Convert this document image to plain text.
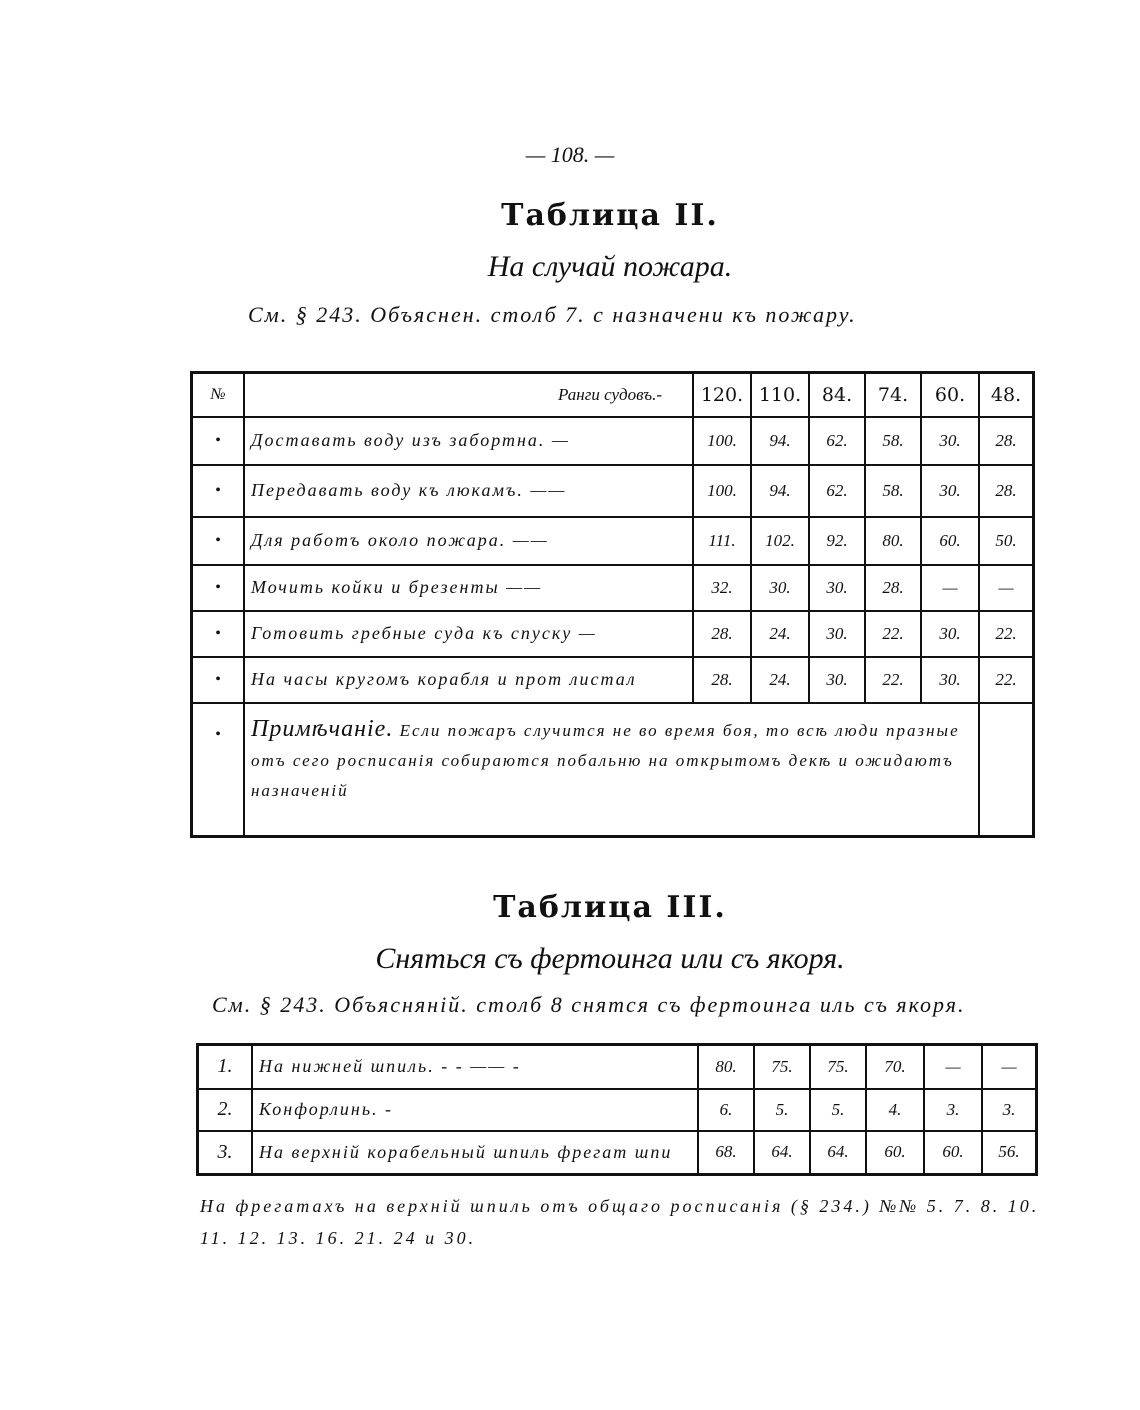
— 108. —
Таблица II.
На случай пожара.
См. § 243. Объяснен. столб 7. с назначени къ пожару.
№	Ранги судовъ.-	120.	110.	84.	74.	60.	48.
•	Доставать воду изъ забортна. —	100.	94.	62.	58.	30.	28.
•	Передавать воду къ люкамъ. ——	100.	94.	62.	58.	30.	28.
•	Для работъ около пожара. ——	111.	102.	92.	80.	60.	50.
•	Мочить койки и брезенты ——	32.	30.	30.	28.	—	—
•	Готовить гребные суда къ спуску —	28.	24.	30.	22.	30.	22.
•	На часы кругомъ корабля и прот листал	28.	24.	30.	22.	30.	22.
•	Примѣчаніе. Если пожаръ случится не во время боя, то всѣ люди празные отъ сего росписанія собираются побальню на открытомъ декѣ и ожидаютъ назначеній						
Таблица III.
Сняться съ фертоинга или съ якоря.
См. § 243. Объясняній. столб 8 снятся съ фертоинга иль съ якоря.
1.	На нижней шпиль. - - —— -	80.	75.	75.	70.	—	—
2.	Конфорлинь. -	6.	5.	5.	4.	3.	3.
3.	На верхній корабельный шпиль фрегат шпи	68.	64.	64.	60.	60.	56.
На фрегатахъ на верхній шпиль отъ общаго росписанія (§ 234.) №№ 5. 7. 8. 10. 11. 12. 13. 16. 21. 24 и 30.
